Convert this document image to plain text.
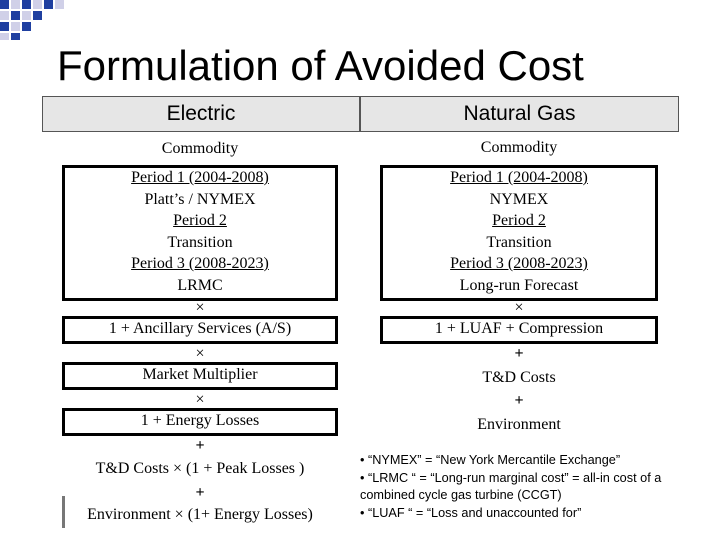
Formulation of Avoided Cost
Electric	Natural Gas
Commodity
Period 1 (2004-2008)
Platt’s / NYMEX
Period 2
Transition
Period 3 (2008-2023)
LRMC
×
1 + Ancillary Services (A/S)
×
Market Multiplier
×
1 + Energy Losses
+
T&D Costs × (1 + Peak Losses )
+
Environment × (1+ Energy Losses)
Commodity
Period 1 (2004-2008)
NYMEX
Period 2
Transition
Period 3 (2008-2023)
Long-run Forecast
×
1 + LUAF + Compression
+
T&D Costs
+
Environment
• “NYMEX” = “New York Mercantile Exchange”
• “LRMC “ = “Long-run marginal cost” = all-in cost of a
combined cycle gas turbine (CCGT)
• “LUAF “ = “Loss and unaccounted for”
